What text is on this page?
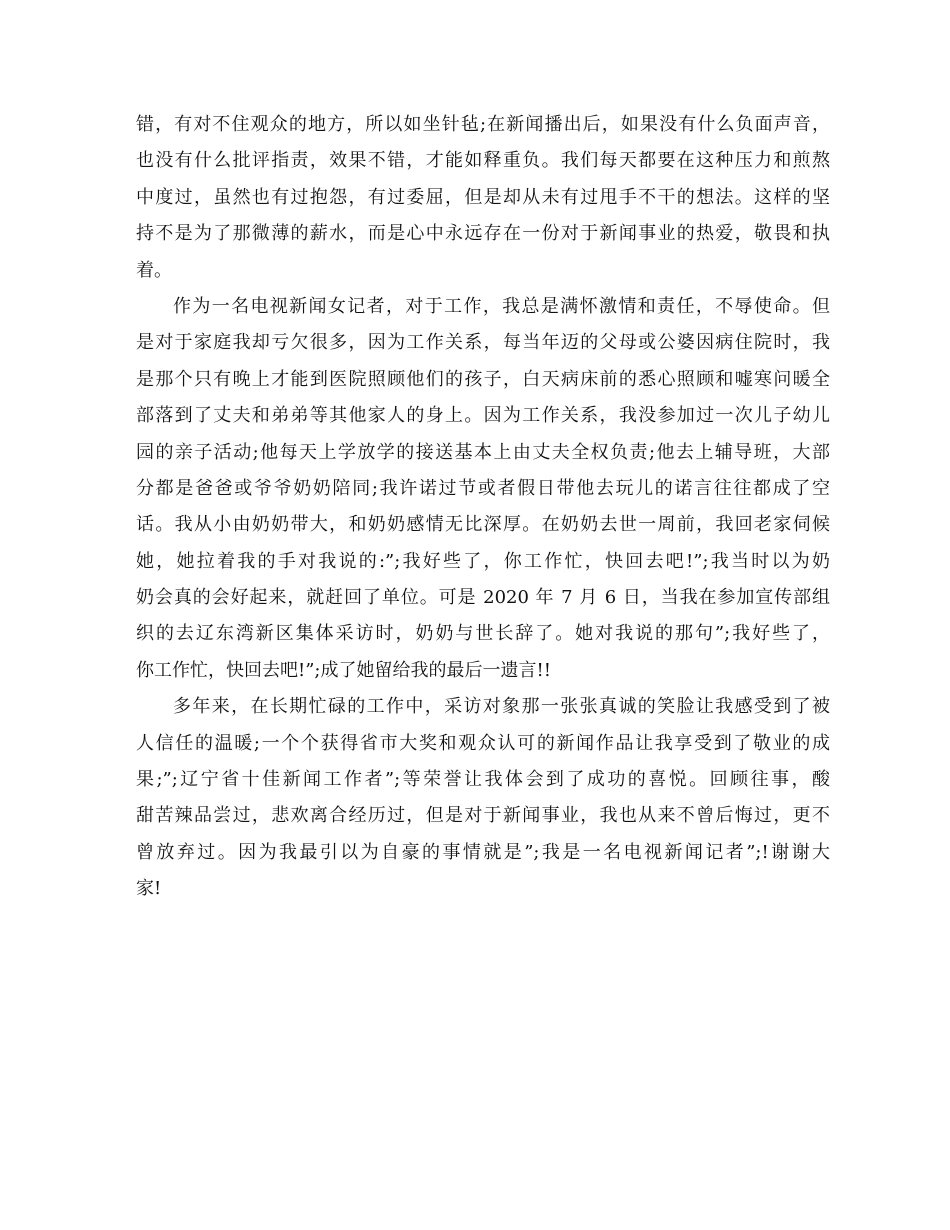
错，有对不住观众的地方，所以如坐针毡;在新闻播出后，如果没有什么负面声音，
也没有什么批评指责，效果不错，才能如释重负。我们每天都要在这种压力和煎熬
中度过，虽然也有过抱怨，有过委屈，但是却从未有过甩手不干的想法。这样的坚
持不是为了那微薄的薪水，而是心中永远存在一份对于新闻事业的热爱，敬畏和执
着。
作为一名电视新闻女记者，对于工作，我总是满怀激情和责任，不辱使命。但
是对于家庭我却亏欠很多，因为工作关系，每当年迈的父母或公婆因病住院时，我
是那个只有晚上才能到医院照顾他们的孩子，白天病床前的悉心照顾和嘘寒问暖全
部落到了丈夫和弟弟等其他家人的身上。因为工作关系，我没参加过一次儿子幼儿
园的亲子活动;他每天上学放学的接送基本上由丈夫全权负责;他去上辅导班，大部
分都是爸爸或爷爷奶奶陪同;我许诺过节或者假日带他去玩儿的诺言往往都成了空
话。我从小由奶奶带大，和奶奶感情无比深厚。在奶奶去世一周前，我回老家伺候
她，她拉着我的手对我说的:”;我好些了，你工作忙，快回去吧!”;我当时以为奶
奶会真的会好起来，就赶回了单位。可是 2020 年 7 月 6 日，当我在参加宣传部组
织的去辽东湾新区集体采访时，奶奶与世长辞了。她对我说的那句”;我好些了，
你工作忙，快回去吧!”;成了她留给我的最后一遗言!!
多年来，在长期忙碌的工作中，采访对象那一张张真诚的笑脸让我感受到了被
人信任的温暖;一个个获得省市大奖和观众认可的新闻作品让我享受到了敬业的成
果;”;辽宁省十佳新闻工作者”;等荣誉让我体会到了成功的喜悦。回顾往事，酸
甜苦辣品尝过，悲欢离合经历过，但是对于新闻事业，我也从来不曾后悔过，更不
曾放弃过。因为我最引以为自豪的事情就是”;我是一名电视新闻记者”;!谢谢大
家!
